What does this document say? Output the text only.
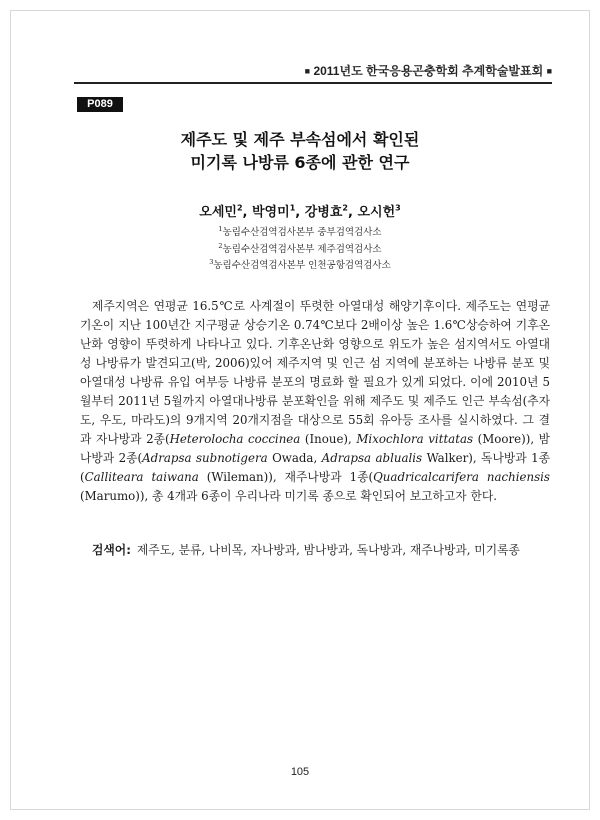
■ 2011년도 한국응용곤충학회 추계학술발표회 ■
P089
제주도 및 제주 부속섬에서 확인된
미기록 나방류 6종에 관한 연구
오세민$^2$, 박영미$^1$, 강병효$^2$, 오시헌$^3$
$^1$농림수산검역검사본부 중부검역검사소
$^2$농림수산검역검사본부 제주검역검사소
$^3$농림수산검역검사본부 인천공항검역검사소

제주지역은 연평균 16.5℃로 사계절이 뚜렷한 아열대성 해양기후이다. 제주도는 연평균기온이 지난 100년간 지구평균 상승기온 0.74℃보다 2배이상 높은 1.6℃상승하여 기후온난화 영향이 뚜렷하게 나타나고 있다. 기후온난화 영향으로 위도가 높은 섬지역서도 아열대성 나방류가 발견되고(박, 2006)있어 제주지역 및 인근 섬 지역에 분포하는 나방류 분포 및 아열대성 나방류 유입 여부등 나방류 분포의 명료화 할 필요가 있게 되었다. 이에 2010년 5월부터 2011년 5월까지 아열대나방류 분포확인을 위해 제주도 및 제주도 인근 부속섬(추자도, 우도, 마라도)의 9개지역 20개지점을 대상으로 55회 유아등 조사를 실시하였다. 그 결과 자나방과 2종(Heterolocha coccinea (Inoue), Mixochlora vittatas (Moore)), 밤나방과 2종(Adrapsa subnotigera Owada, Adrapsa ablualis Walker), 독나방과 1종 (Calliteara taiwana (Wileman)), 재주나방과 1종(Quadricalcarifera nachiensis (Marumo)), 총 4개과 6종이 우리나라 미기록 종으로 확인되어 보고하고자 한다.

검색어: 제주도, 분류, 나비목, 자나방과, 밤나방과, 독나방과, 재주나방과, 미기록종
105
